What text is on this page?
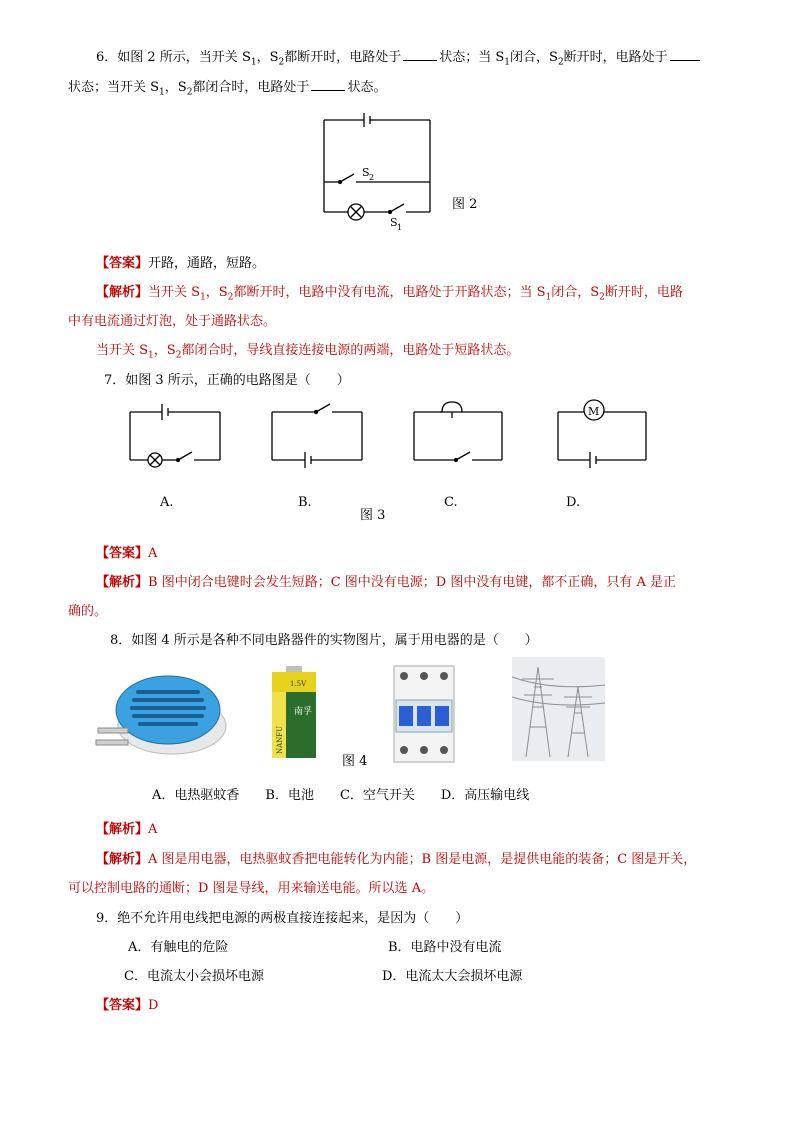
6．如图 2 所示，当开关 $S_1$，$S_2$都断开时，电路处于	状态；当 $S_1$闭合，$S_2$断开时，电路处于
状态；当开关 $S_1$，$S_2$都闭合时，电路处于	状态。
S 2
S 1
图 2
【答案】开路，通路，短路。
【解析】当开关 $S_1$，$S_2$都断开时，电路中没有电流，电路处于开路状态；当 $S_1$闭合，$S_2$断开时，电路
中有电流通过灯泡，处于通路状态。
当开关 $S_1$，$S_2$都闭合时，导线直接连接电源的两端，电路处于短路状态。
7．如图 3 所示，正确的电路图是（　　）
M
A.	B.	C.	D.
图 3
【答案】A
【解析】B 图中闭合电键时会发生短路；C 图中没有电源；D 图中没有电键，都不正确，只有 A 是正
确的。
8．如图 4 所示是各种不同电路器件的实物图片，属于用电器的是（　　）
1.5V
NANFU
南孚
图 4
A．电热驱蚊香　　B．电池　　C．空气开关　　D．高压输电线
【解析】A
【解析】A 图是用电器，电热驱蚊香把电能转化为内能；B 图是电源，是提供电能的装备；C 图是开关，
可以控制电路的通断；D 图是导线，用来输送电能。所以选 A。
9．绝不允许用电线把电源的两极直接连接起来，是因为（　　）
A．有触电的危险	B．电路中没有电流
C．电流太小会损坏电源	D．电流太大会损坏电源
【答案】D
